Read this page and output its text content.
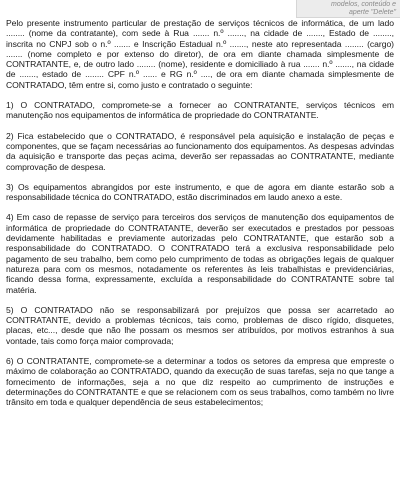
modelos, conteúdo e
aperte "Delete"

Pelo presente instrumento particular de prestação de serviços técnicos de informática, de um lado ........ (nome da contratante), com sede à Rua ....... n.º ......., na cidade de ......., Estado de ........, inscrita no CNPJ sob o n.º ....... e Inscrição Estadual n.º ......., neste ato representada ........ (cargo) ....... (nome completo e por extenso do diretor), de ora em diante chamada simplesmente de CONTRATANTE, e, de outro lado ........ (nome), residente e domiciliado à rua ....... n.º ......., na cidade de ......., estado de ........ CPF n.º ...... e RG n.º ...., de ora em diante chamada simplesmente de CONTRATADO, têm entre si, como justo e contratado o seguinte:

1) O CONTRATADO, compromete-se a fornecer ao CONTRATANTE, serviços técnicos em manutenção nos equipamentos de informática de propriedade do CONTRATANTE.

2) Fica estabelecido que o CONTRATADO, é responsável pela aquisição e instalação de peças e componentes, que se façam necessárias ao funcionamento dos equipamentos. As despesas advindas da aquisição e transporte das peças acima, deverão ser repassadas ao CONTRATANTE, mediante comprovação de despesa.

3) Os equipamentos abrangidos por este instrumento, e que de agora em diante estarão sob a responsabilidade técnica do CONTRATADO, estão discriminados em laudo anexo a este.

4) Em caso de repasse de serviço para terceiros dos serviços de manutenção dos equipamentos de informática de propriedade do CONTRATANTE, deverão ser executados e prestados por pessoas devidamente habilitadas e previamente autorizadas pelo CONTRATANTE, que estarão sob a responsabilidade do CONTRATADO. O CONTRATADO terá a exclusiva responsabilidade pelo pagamento de seu trabalho, bem como pelo cumprimento de todas as obrigações legais de qualquer natureza para com os mesmos, notadamente os referentes às leis trabalhistas e previdenciárias, ficando dessa forma, expressamente, excluída a responsabilidade do CONTRATANTE sobre tal matéria.

5) O CONTRATADO não se responsabilizará por prejuízos que possa ser acarretado ao CONTRATANTE, devido a problemas técnicos, tais como, problemas de disco rígido, disquetes, placas, etc..., desde que não lhe possam os mesmos ser atribuídos, por motivos estranhos à sua vontade, tais como força maior comprovada;

6) O CONTRATANTE, compromete-se a determinar a todos os setores da empresa que empreste o máximo de colaboração ao CONTRATADO, quando da execução de suas tarefas, seja no que tange a fornecimento de informações, seja a no que diz respeito ao cumprimento de instruções e determinações do CONTRATANTE e que se relacionem com os seus trabalhos, como também no livre trânsito em toda e qualquer dependência de seus estabelecimentos;
